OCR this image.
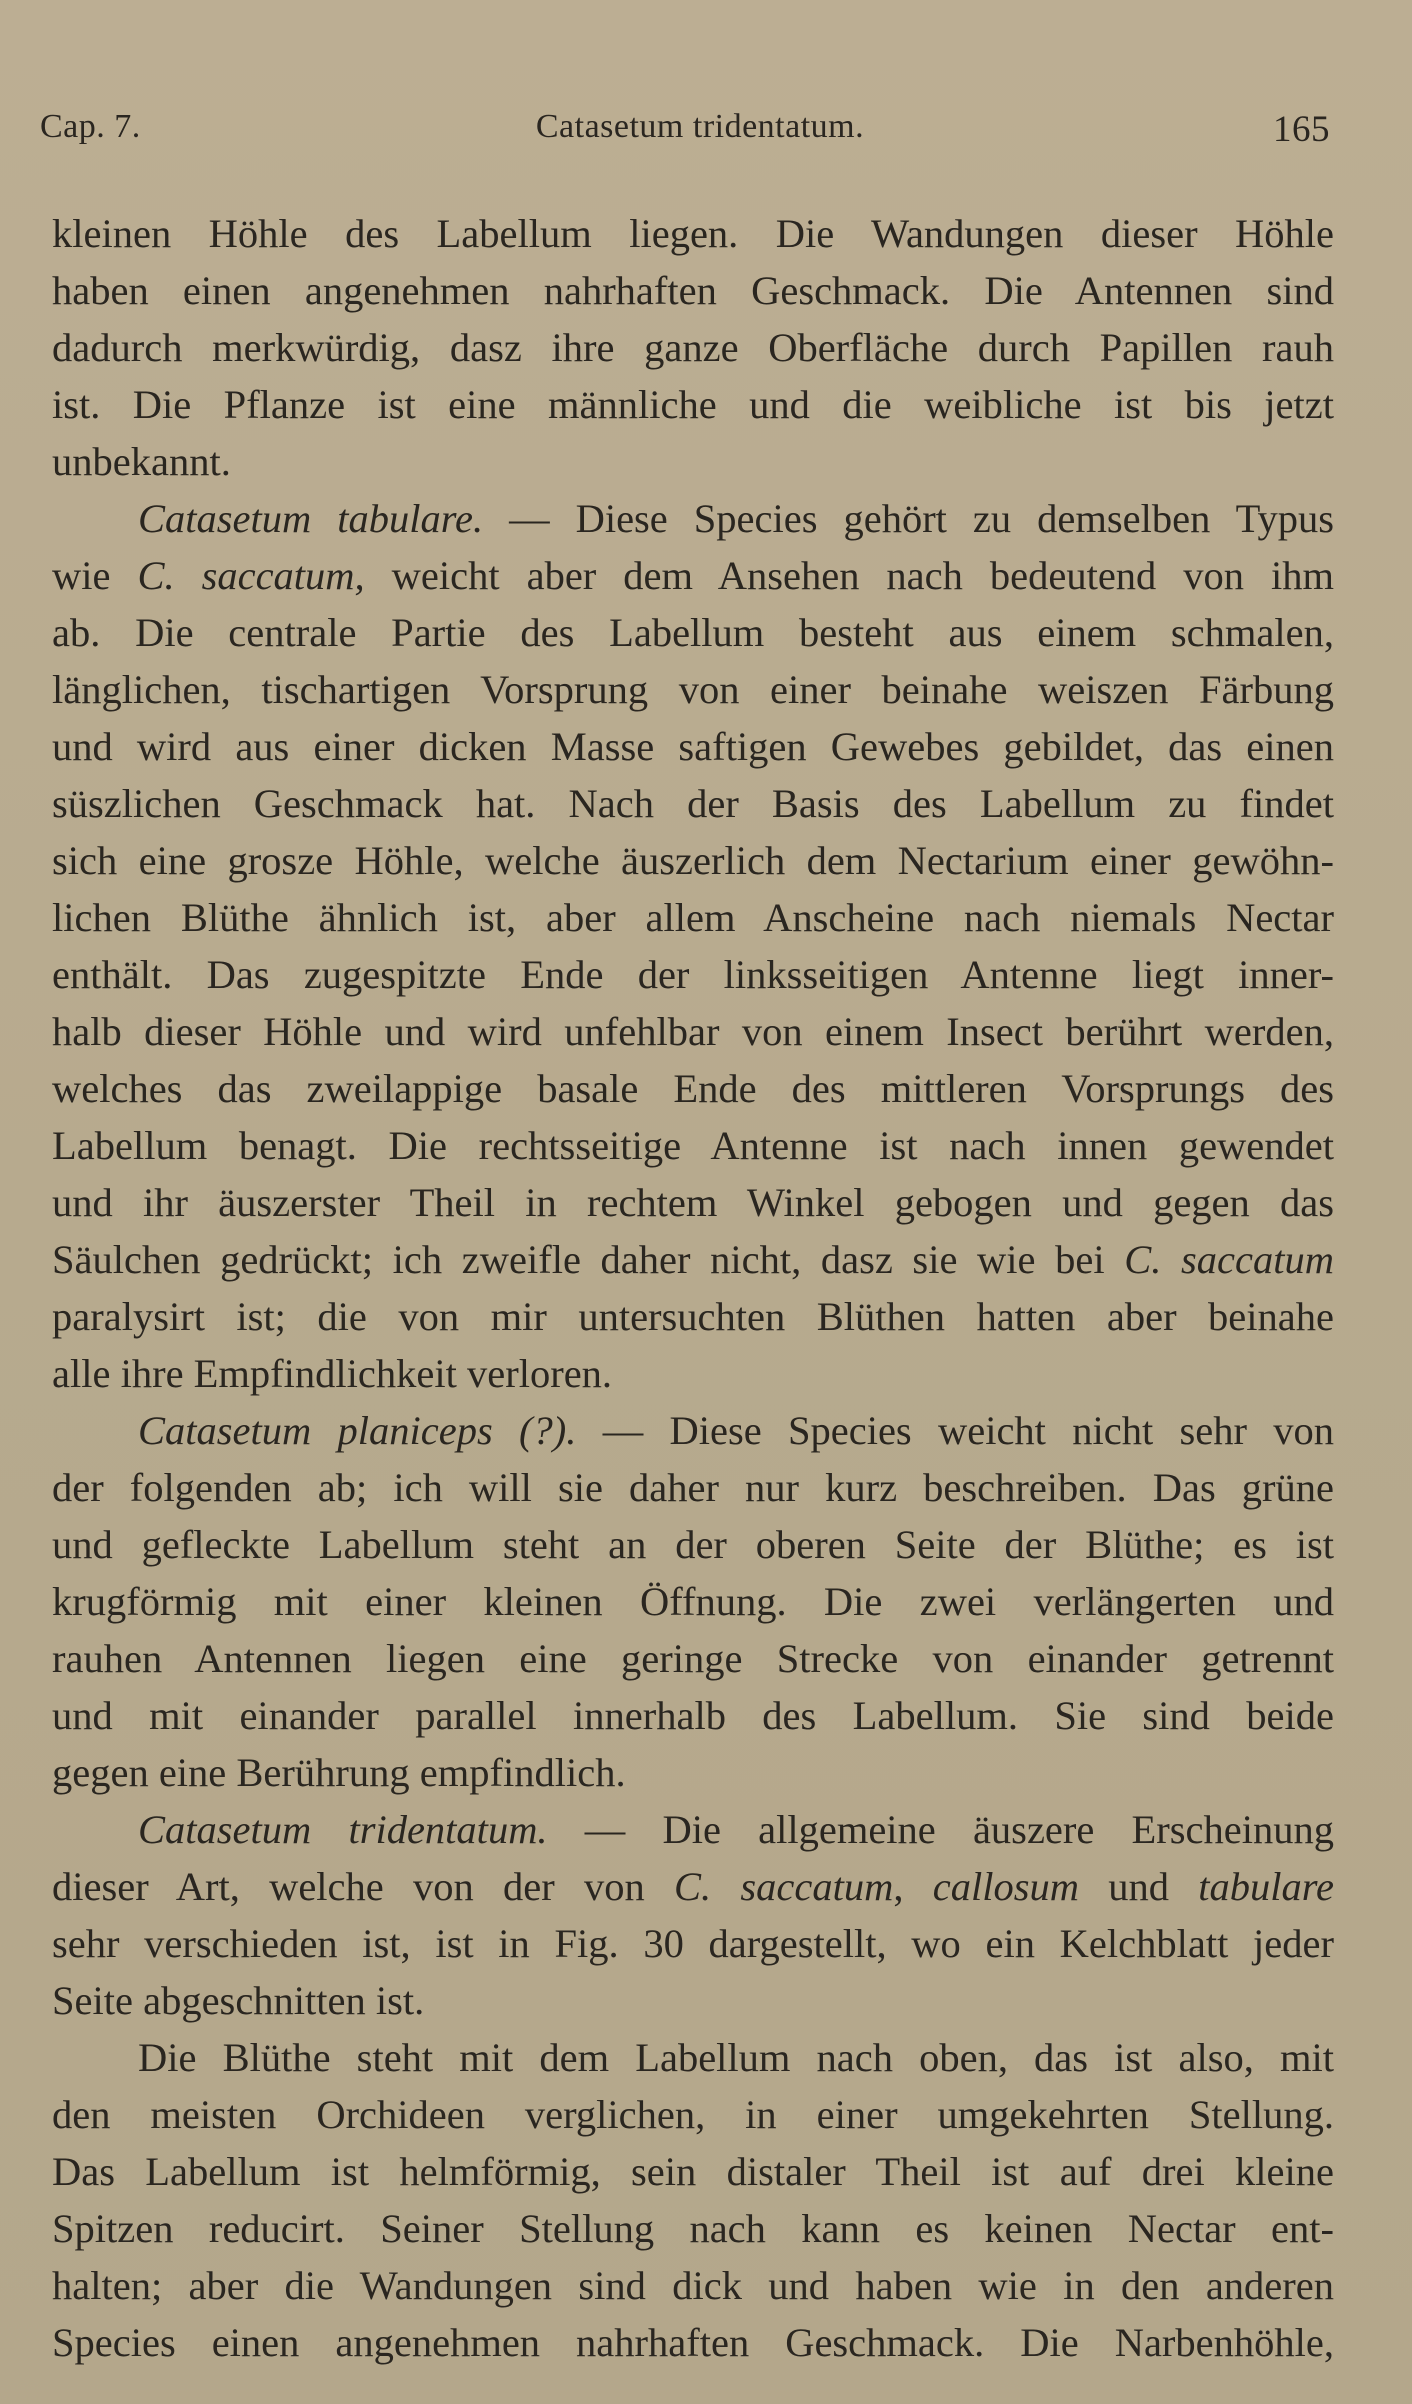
Cap. 7.	Catasetum tridentatum.	165
kleinen Höhle des Labellum liegen. Die Wandungen dieser Höhle
haben einen angenehmen nahrhaften Geschmack. Die Antennen sind
dadurch merkwürdig, dasz ihre ganze Oberfläche durch Papillen rauh
ist. Die Pflanze ist eine männliche und die weibliche ist bis jetzt
unbekannt.
Catasetum tabulare. — Diese Species gehört zu demselben Typus
wie C. saccatum, weicht aber dem Ansehen nach bedeutend von ihm
ab. Die centrale Partie des Labellum besteht aus einem schmalen,
länglichen, tischartigen Vorsprung von einer beinahe weiszen Färbung
und wird aus einer dicken Masse saftigen Gewebes gebildet, das einen
süszlichen Geschmack hat. Nach der Basis des Labellum zu findet
sich eine grosze Höhle, welche äuszerlich dem Nectarium einer gewöhn-
lichen Blüthe ähnlich ist, aber allem Anscheine nach niemals Nectar
enthält. Das zugespitzte Ende der linksseitigen Antenne liegt inner-
halb dieser Höhle und wird unfehlbar von einem Insect berührt werden,
welches das zweilappige basale Ende des mittleren Vorsprungs des
Labellum benagt. Die rechtsseitige Antenne ist nach innen gewendet
und ihr äuszerster Theil in rechtem Winkel gebogen und gegen das
Säulchen gedrückt; ich zweifle daher nicht, dasz sie wie bei C. saccatum
paralysirt ist; die von mir untersuchten Blüthen hatten aber beinahe
alle ihre Empfindlichkeit verloren.
Catasetum planiceps (?). — Diese Species weicht nicht sehr von
der folgenden ab; ich will sie daher nur kurz beschreiben. Das grüne
und gefleckte Labellum steht an der oberen Seite der Blüthe; es ist
krugförmig mit einer kleinen Öffnung. Die zwei verlängerten und
rauhen Antennen liegen eine geringe Strecke von einander getrennt
und mit einander parallel innerhalb des Labellum. Sie sind beide
gegen eine Berührung empfindlich.
Catasetum tridentatum. — Die allgemeine äuszere Erscheinung
dieser Art, welche von der von C. saccatum, callosum und tabulare
sehr verschieden ist, ist in Fig. 30 dargestellt, wo ein Kelchblatt jeder
Seite abgeschnitten ist.
Die Blüthe steht mit dem Labellum nach oben, das ist also, mit
den meisten Orchideen verglichen, in einer umgekehrten Stellung.
Das Labellum ist helmförmig, sein distaler Theil ist auf drei kleine
Spitzen reducirt. Seiner Stellung nach kann es keinen Nectar ent-
halten; aber die Wandungen sind dick und haben wie in den anderen
Species einen angenehmen nahrhaften Geschmack. Die Narbenhöhle,
